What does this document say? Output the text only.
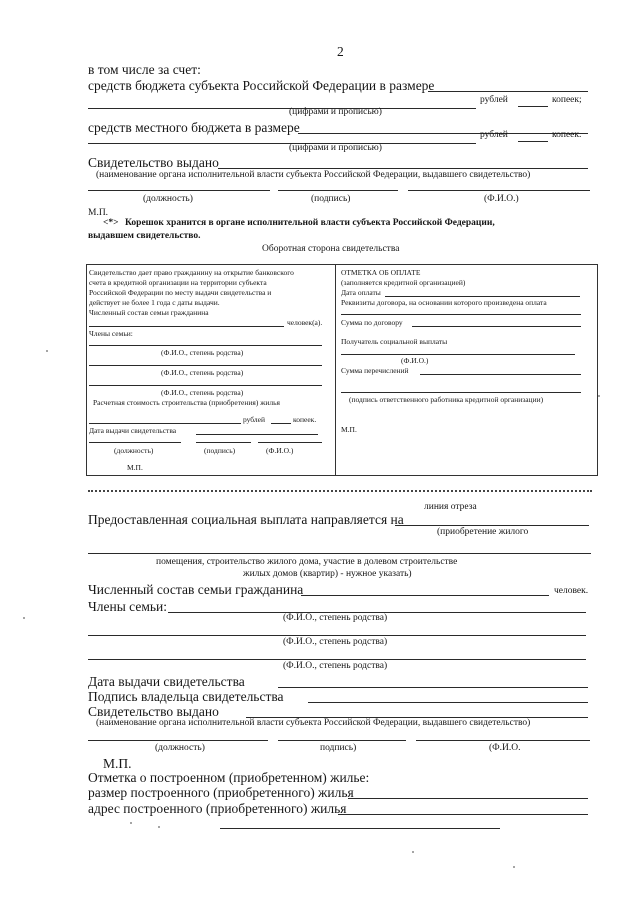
2
в том числе за счет:
средств бюджета субъекта Российской Федерации в размере
рублей	копеек;
(цифрами и прописью)
средств местного бюджета в размере	рублей	копеек.
(цифрами и прописью)
Свидетельство выдано
(наименование органа исполнительной власти субъекта Российской Федерации, выдавшего свидетельство)
(должность)	(подпись)	(Ф.И.О.)
М.П.
<*> Корешок хранится в органе исполнительной власти субъекта Российской Федерации,
выдавшем свидетельство.
Оборотная сторона свидетельства
Свидетельство дает право гражданину на открытие банковского
счета в кредитной организации на территории субъекта
Российской Федерации по месту выдачи свидетельства и
действует не более 1 года с даты выдачи.
Численный состав семьи гражданина
человек(а).
Члены семьи:
(Ф.И.О., степень родства)
(Ф.И.О., степень родства)
(Ф.И.О., степень родства)
Расчетная стоимость строительства (приобретения) жилья
рублей	копеек.
Дата выдачи свидетельства
(должность)	(подпись)	(Ф.И.О.)
М.П.
ОТМЕТКА ОБ ОПЛАТЕ
(заполняется кредитной организацией)
Дата оплаты
Реквизиты договора, на основании которого произведена оплата
Сумма по договору
Получатель социальной выплаты
(Ф.И.О.)
Сумма перечислений
(подпись ответственного работника кредитной организации)
М.П.
линия отреза
Предоставленная социальная выплата направляется на
(приобретение жилого
помещения, строительство жилого дома, участие в долевом строительстве
жилых домов (квартир) - нужное указать)
Численный состав семьи гражданина	человек.
Члены семьи:
(Ф.И.О., степень родства)
(Ф.И.О., степень родства)
(Ф.И.О., степень родства)
Дата выдачи свидетельства
Подпись владельца свидетельства
Свидетельство выдано
(наименование органа исполнительной власти субъекта Российской Федерации, выдавшего свидетельство)
(должность)	подпись)	(Ф.И.О.
М.П.
Отметка о построенном (приобретенном) жилье:
размер построенного (приобретенного) жилья
адрес построенного (приобретенного) жилья
